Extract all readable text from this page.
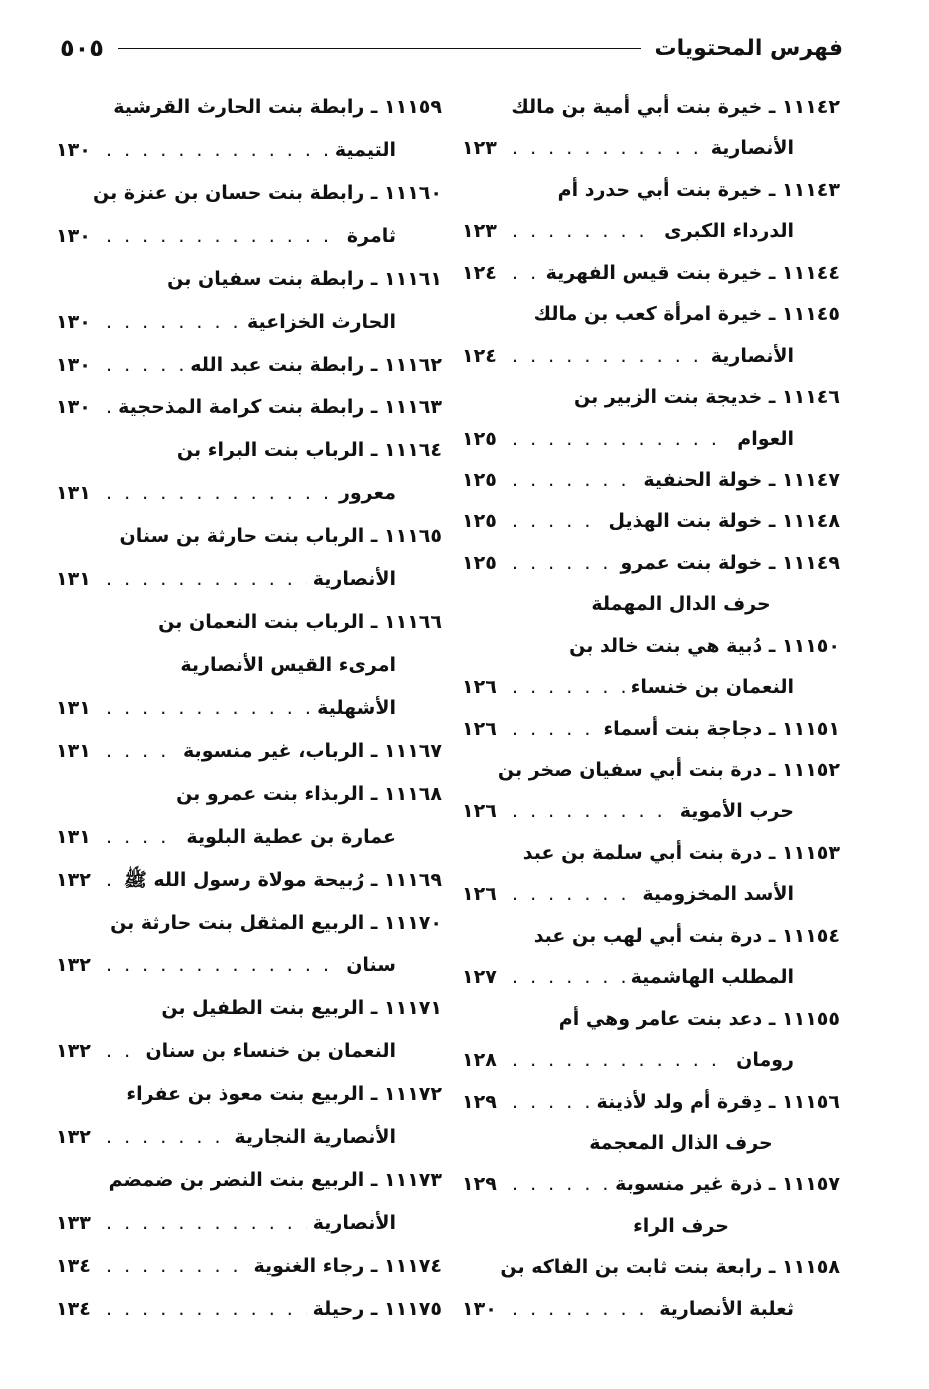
فهرس المحتويات
٥٠٥
١١١٤٢ ـ خيرة بنت أبي أمية بن مالك
الأنصارية
. . .
١٢٣
١١١٤٣ ـ خيرة بنت أبي حدرد أم
الدرداء الكبرى
. . .
١٢٣
١١١٤٤ ـ خيرة بنت قيس الفهرية
. . .
١٢٤
١١١٤٥ ـ خيرة امرأة كعب بن مالك
الأنصارية
. . .
١٢٤
١١١٤٦ ـ خديجة بنت الزبير بن
العوام
. . .
١٢٥
١١١٤٧ ـ خولة الحنفية
. . .
١٢٥
١١١٤٨ ـ خولة بنت الهذيل
. . .
١٢٥
١١١٤٩ ـ خولة بنت عمرو
. . .
١٢٥
حرف الدال المهملة
١١١٥٠ ـ دُبية هي بنت خالد بن
النعمان بن خنساء
. . .
١٢٦
١١١٥١ ـ دجاجة بنت أسماء
. . .
١٢٦
١١١٥٢ ـ درة بنت أبي سفيان صخر بن
حرب الأموية
. . .
١٢٦
١١١٥٣ ـ درة بنت أبي سلمة بن عبد
الأسد المخزومية
. . .
١٢٦
١١١٥٤ ـ درة بنت أبي لهب بن عبد
المطلب الهاشمية
. . .
١٢٧
١١١٥٥ ـ دعد بنت عامر وهي أم
رومان
. . .
١٢٨
١١١٥٦ ـ دِقرة أم ولد لأذينة
. . .
١٢٩
حرف الذال المعجمة
١١١٥٧ ـ ذرة غير منسوبة
. . .
١٢٩
حرف الراء
١١١٥٨ ـ رابعة بنت ثابت بن الفاكه بن
ثعلبة الأنصارية
. . .
١٣٠
١١١٥٩ ـ رابطة بنت الحارث القرشية
التيمية
. . .
١٣٠
١١١٦٠ ـ رابطة بنت حسان بن عنزة بن
ثامرة
. . .
١٣٠
١١١٦١ ـ رابطة بنت سفيان بن
الحارث الخزاعية
. . .
١٣٠
١١١٦٢ ـ رابطة بنت عبد الله
. . .
١٣٠
١١١٦٣ ـ رابطة بنت كرامة المذحجية
. . .
١٣٠
١١١٦٤ ـ الرباب بنت البراء بن
معرور
. . .
١٣١
١١١٦٥ ـ الرباب بنت حارثة بن سنان
الأنصارية
. . .
١٣١
١١١٦٦ ـ الرباب بنت النعمان بن
امرىء القيس الأنصارية
الأشهلية
. . .
١٣١
١١١٦٧ ـ الرباب، غير منسوبة
. . .
١٣١
١١١٦٨ ـ الربذاء بنت عمرو بن
عمارة بن عطية البلوية
. . .
١٣١
١١١٦٩ ـ رُبيحة مولاة رسول الله ﷺ
. . .
١٣٢
١١١٧٠ ـ الربيع المثقل بنت حارثة بن
سنان
. . .
١٣٢
١١١٧١ ـ الربيع بنت الطفيل بن
النعمان بن خنساء بن سنان
. . .
١٣٢
١١١٧٢ ـ الربيع بنت معوذ بن عفراء
الأنصارية النجارية
. . .
١٣٢
١١١٧٣ ـ الربيع بنت النضر بن ضمضم
الأنصارية
. . .
١٣٣
١١١٧٤ ـ رجاء الغنوية
. . .
١٣٤
١١١٧٥ ـ رحيلة
. . .
١٣٤
